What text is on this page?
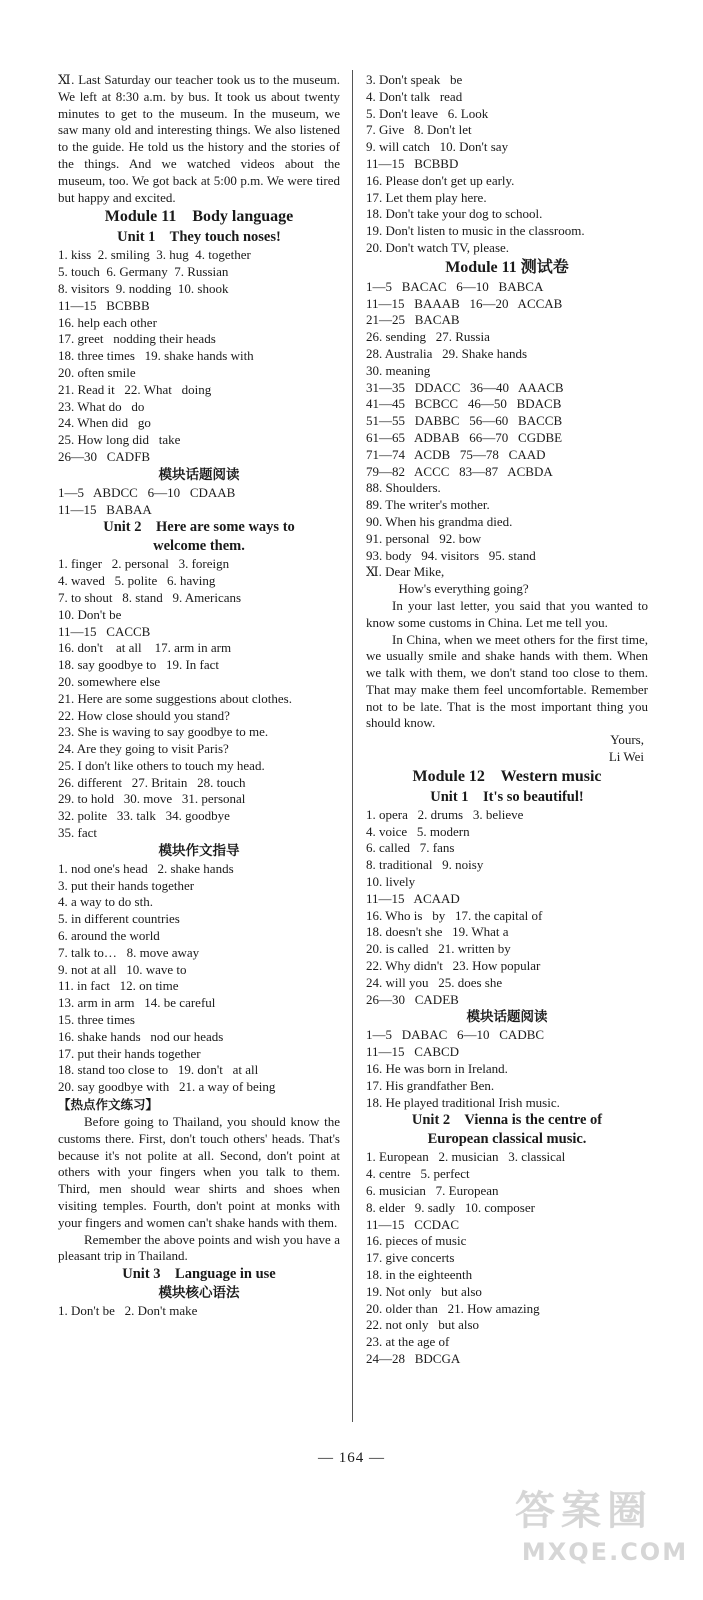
Ⅺ. Last Saturday our teacher took us to the museum. We left at 8:30 a.m. by bus. It took us about twenty minutes to get to the museum. In the museum, we saw many old and interesting things. We also listened to the guide. He told us the history and the stories of the things. And we watched videos about the museum, too. We got back at 5:00 p.m. We were tired but happy and excited.
Module 11    Body language
Unit 1    They touch noses!
1. kiss  2. smiling  3. hug  4. together
5. touch  6. Germany  7. Russian
8. visitors  9. nodding  10. shook
11—15   BCBBB
16. help each other
17. greet   nodding their heads
18. three times   19. shake hands with
20. often smile
21. Read it   22. What   doing
23. What do   do
24. When did   go
25. How long did   take
26—30   CADFB
模块话题阅读
1—5   ABDCC   6—10   CDAAB
11—15   BABAA
Unit 2    Here are some ways to
welcome them.
1. finger   2. personal   3. foreign
4. waved   5. polite   6. having
7. to shout   8. stand   9. Americans
10. Don't be
11—15   CACCB
16. don't    at all    17. arm in arm
18. say goodbye to   19. In fact
20. somewhere else
21. Here are some suggestions about clothes.
22. How close should you stand?
23. She is waving to say goodbye to me.
24. Are they going to visit Paris?
25. I don't like others to touch my head.
26. different   27. Britain   28. touch
29. to hold   30. move   31. personal
32. polite   33. talk   34. goodbye
35. fact
模块作文指导
1. nod one's head   2. shake hands
3. put their hands together
4. a way to do sth.
5. in different countries
6. around the world
7. talk to…   8. move away
9. not at all   10. wave to
11. in fact   12. on time
13. arm in arm   14. be careful
15. three times
16. shake hands   nod our heads
17. put their hands together
18. stand too close to   19. don't   at all
20. say goodbye with   21. a way of being
【热点作文练习】
Before going to Thailand, you should know the customs there. First, don't touch others' heads. That's because it's not polite at all. Second, don't point at others with your fingers when you talk to them. Third, men should wear shirts and shoes when visiting temples. Fourth, don't point at monks with your fingers and women can't shake hands with them.
Remember the above points and wish you have a pleasant trip in Thailand.
Unit 3    Language in use
模块核心语法
1. Don't be   2. Don't make
3. Don't speak   be
4. Don't talk   read
5. Don't leave   6. Look
7. Give   8. Don't let
9. will catch   10. Don't say
11—15   BCBBD
16. Please don't get up early.
17. Let them play here.
18. Don't take your dog to school.
19. Don't listen to music in the classroom.
20. Don't watch TV, please.
Module 11 测试卷
1—5   BACAC   6—10   BABCA
11—15   BAAAB   16—20   ACCAB
21—25   BACAB
26. sending   27. Russia
28. Australia   29. Shake hands
30. meaning
31—35   DDACC   36—40   AAACB
41—45   BCBCC   46—50   BDACB
51—55   DABBC   56—60   BACCB
61—65   ADBAB   66—70   CGDBE
71—74   ACDB   75—78   CAAD
79—82   ACCC   83—87   ACBDA
88. Shoulders.
89. The writer's mother.
90. When his grandma died.
91. personal   92. bow
93. body   94. visitors   95. stand
Ⅺ. Dear Mike,
How's everything going?
In your last letter, you said that you wanted to know some customs in China. Let me tell you.
In China, when we meet others for the first time, we usually smile and shake hands with them. When we talk with them, we don't stand too close to them. That may make them feel uncomfortable. Remember not to be late. That is the most important thing you should know.
Yours,
Li Wei
Module 12    Western music
Unit 1    It's so beautiful!
1. opera   2. drums   3. believe
4. voice   5. modern
6. called   7. fans
8. traditional   9. noisy
10. lively
11—15   ACAAD
16. Who is   by   17. the capital of
18. doesn't she   19. What a
20. is called   21. written by
22. Why didn't   23. How popular
24. will you   25. does she
26—30   CADEB
模块话题阅读
1—5   DABAC   6—10   CADBC
11—15   CABCD
16. He was born in Ireland.
17. His grandfather Ben.
18. He played traditional Irish music.
Unit 2    Vienna is the centre of
European classical music.
1. European   2. musician   3. classical
4. centre   5. perfect
6. musician   7. European
8. elder   9. sadly   10. composer
11—15   CCDAC
16. pieces of music
17. give concerts
18. in the eighteenth
19. Not only   but also
20. older than   21. How amazing
22. not only   but also
23. at the age of
24—28   BDCGA
— 164 —
答案圈
MXQE.COM
